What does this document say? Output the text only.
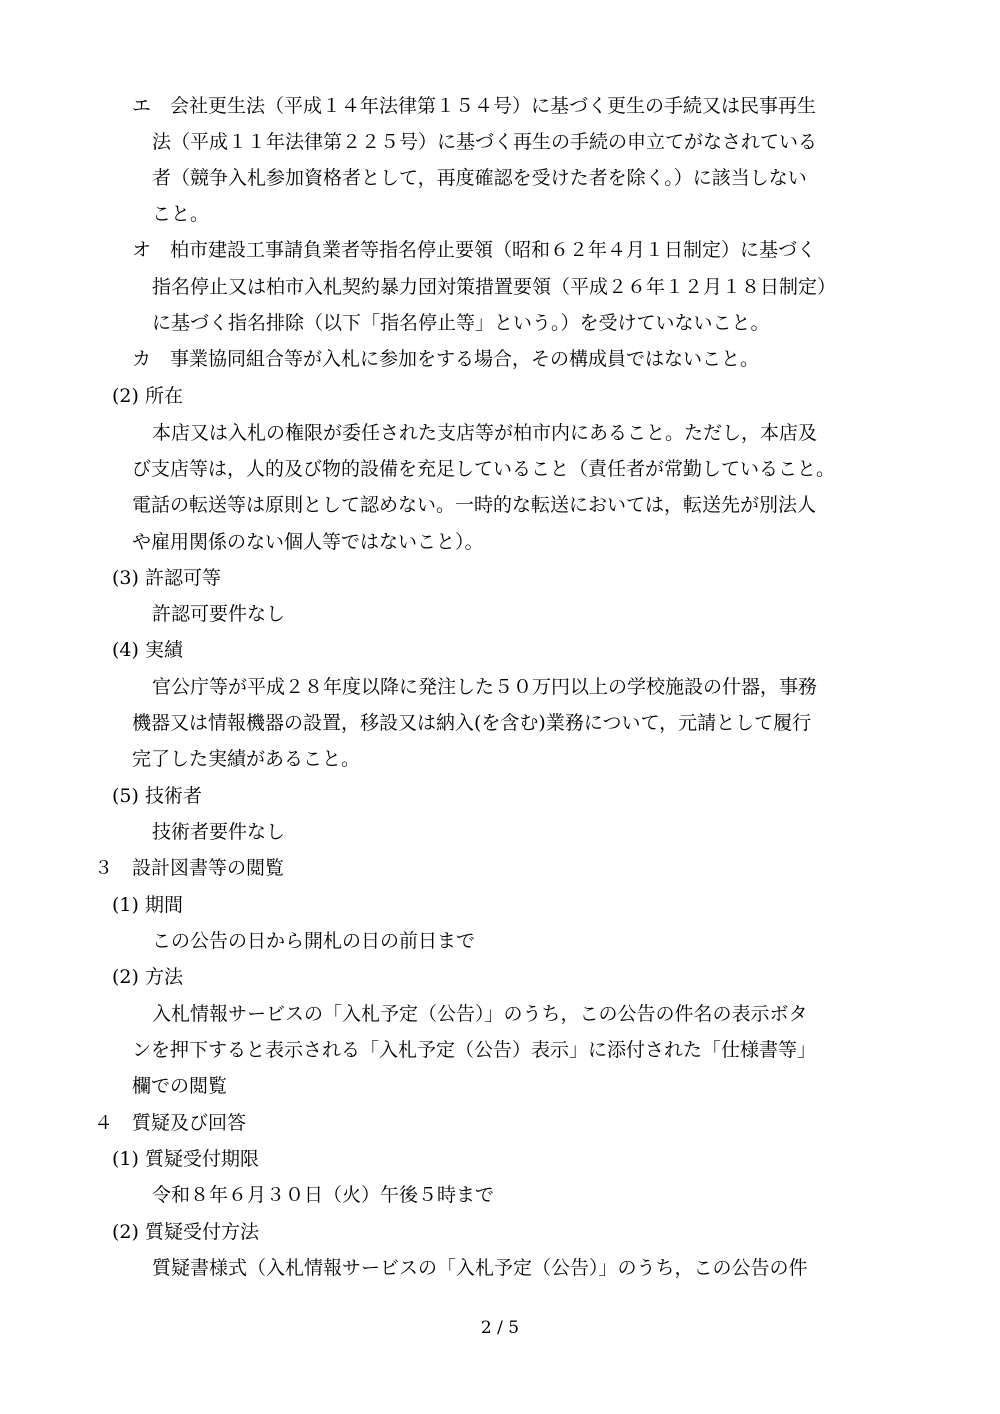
エ　会社更生法（平成１４年法律第１５４号）に基づく更生の手続又は民事再生
法（平成１１年法律第２２５号）に基づく再生の手続の申立てがなされている
者（競争入札参加資格者として，再度確認を受けた者を除く。）に該当しない
こと。
オ　柏市建設工事請負業者等指名停止要領（昭和６２年４月１日制定）に基づく
指名停止又は柏市入札契約暴力団対策措置要領（平成２６年１２月１８日制定）
に基づく指名排除（以下「指名停止等」という。）を受けていないこと。
カ　事業協同組合等が入札に参加をする場合，その構成員ではないこと。
(2) 所在
本店又は入札の権限が委任された支店等が柏市内にあること。ただし，本店及
び支店等は，人的及び物的設備を充足していること（責任者が常勤していること。
電話の転送等は原則として認めない。一時的な転送においては，転送先が別法人
や雇用関係のない個人等ではないこと）。
(3) 許認可等
許認可要件なし
(4) 実績
官公庁等が平成２８年度以降に発注した５０万円以上の学校施設の什器，事務
機器又は情報機器の設置，移設又は納入(を含む)業務について，元請として履行
完了した実績があること。
(5) 技術者
技術者要件なし
３　設計図書等の閲覧
(1) 期間
この公告の日から開札の日の前日まで
(2) 方法
入札情報サービスの「入札予定（公告）」のうち，この公告の件名の表示ボタ
ンを押下すると表示される「入札予定（公告）表示」に添付された「仕様書等」
欄での閲覧
４　質疑及び回答
(1) 質疑受付期限
令和８年６月３０日（火）午後５時まで
(2) 質疑受付方法
質疑書様式（入札情報サービスの「入札予定（公告）」のうち，この公告の件
2 / 5
